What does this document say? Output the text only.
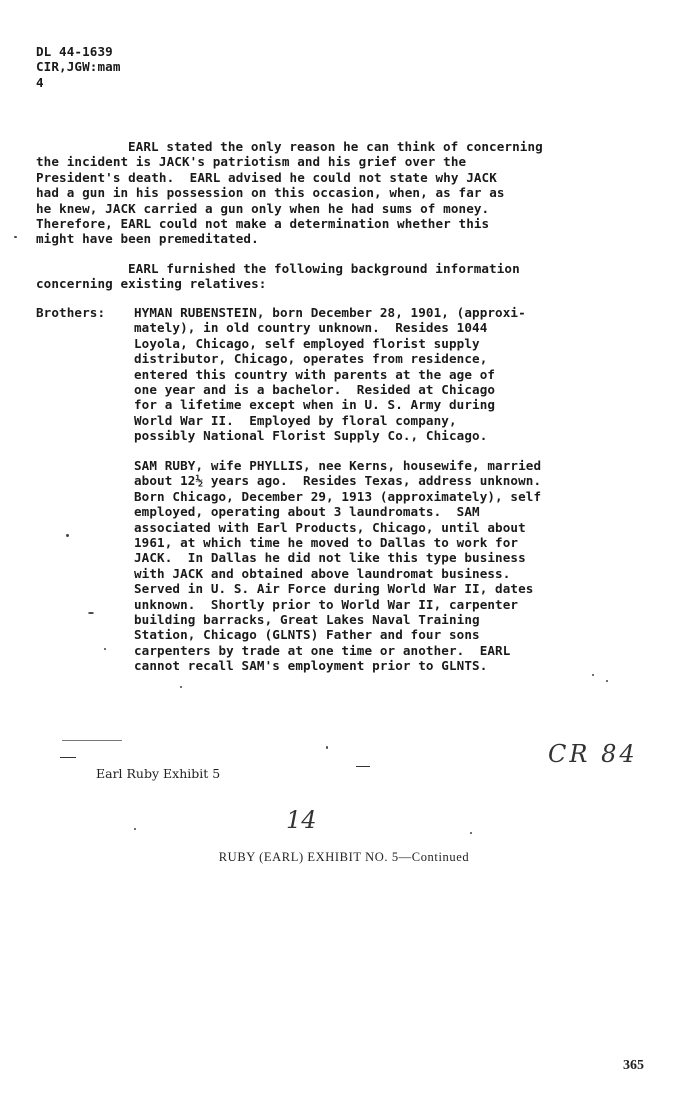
DL 44-1639
CIR,JGW:mam
4
EARL stated the only reason he can think of concerning
the incident is JACK's patriotism and his grief over the
President's death.  EARL advised he could not state why JACK
had a gun in his possession on this occasion, when, as far as
he knew, JACK carried a gun only when he had sums of money.
Therefore, EARL could not make a determination whether this
might have been premeditated.
EARL furnished the following background information
concerning existing relatives:
Brothers: HYMAN RUBENSTEIN, born December 28, 1901, (approxi-
mately), in old country unknown.  Resides 1044
Loyola, Chicago, self employed florist supply
distributor, Chicago, operates from residence,
entered this country with parents at the age of
one year and is a bachelor.  Resided at Chicago
for a lifetime except when in U. S. Army during
World War II.  Employed by floral company,
possibly National Florist Supply Co., Chicago.
SAM RUBY, wife PHYLLIS, nee Kerns, housewife, married
about 12½ years ago.  Resides Texas, address unknown.
Born Chicago, December 29, 1913 (approximately), self
employed, operating about 3 laundromats.  SAM
associated with Earl Products, Chicago, until about
1961, at which time he moved to Dallas to work for
JACK.  In Dallas he did not like this type business
with JACK and obtained above laundromat business.
Served in U. S. Air Force during World War II, dates
unknown.  Shortly prior to World War II, carpenter
building barracks, Great Lakes Naval Training
Station, Chicago (GLNTS) Father and four sons
carpenters by trade at one time or another.  EARL
cannot recall SAM's employment prior to GLNTS.
Earl Ruby Exhibit 5
CR 84
14
RUBY (EARL) EXHIBIT NO. 5—Continued
365
